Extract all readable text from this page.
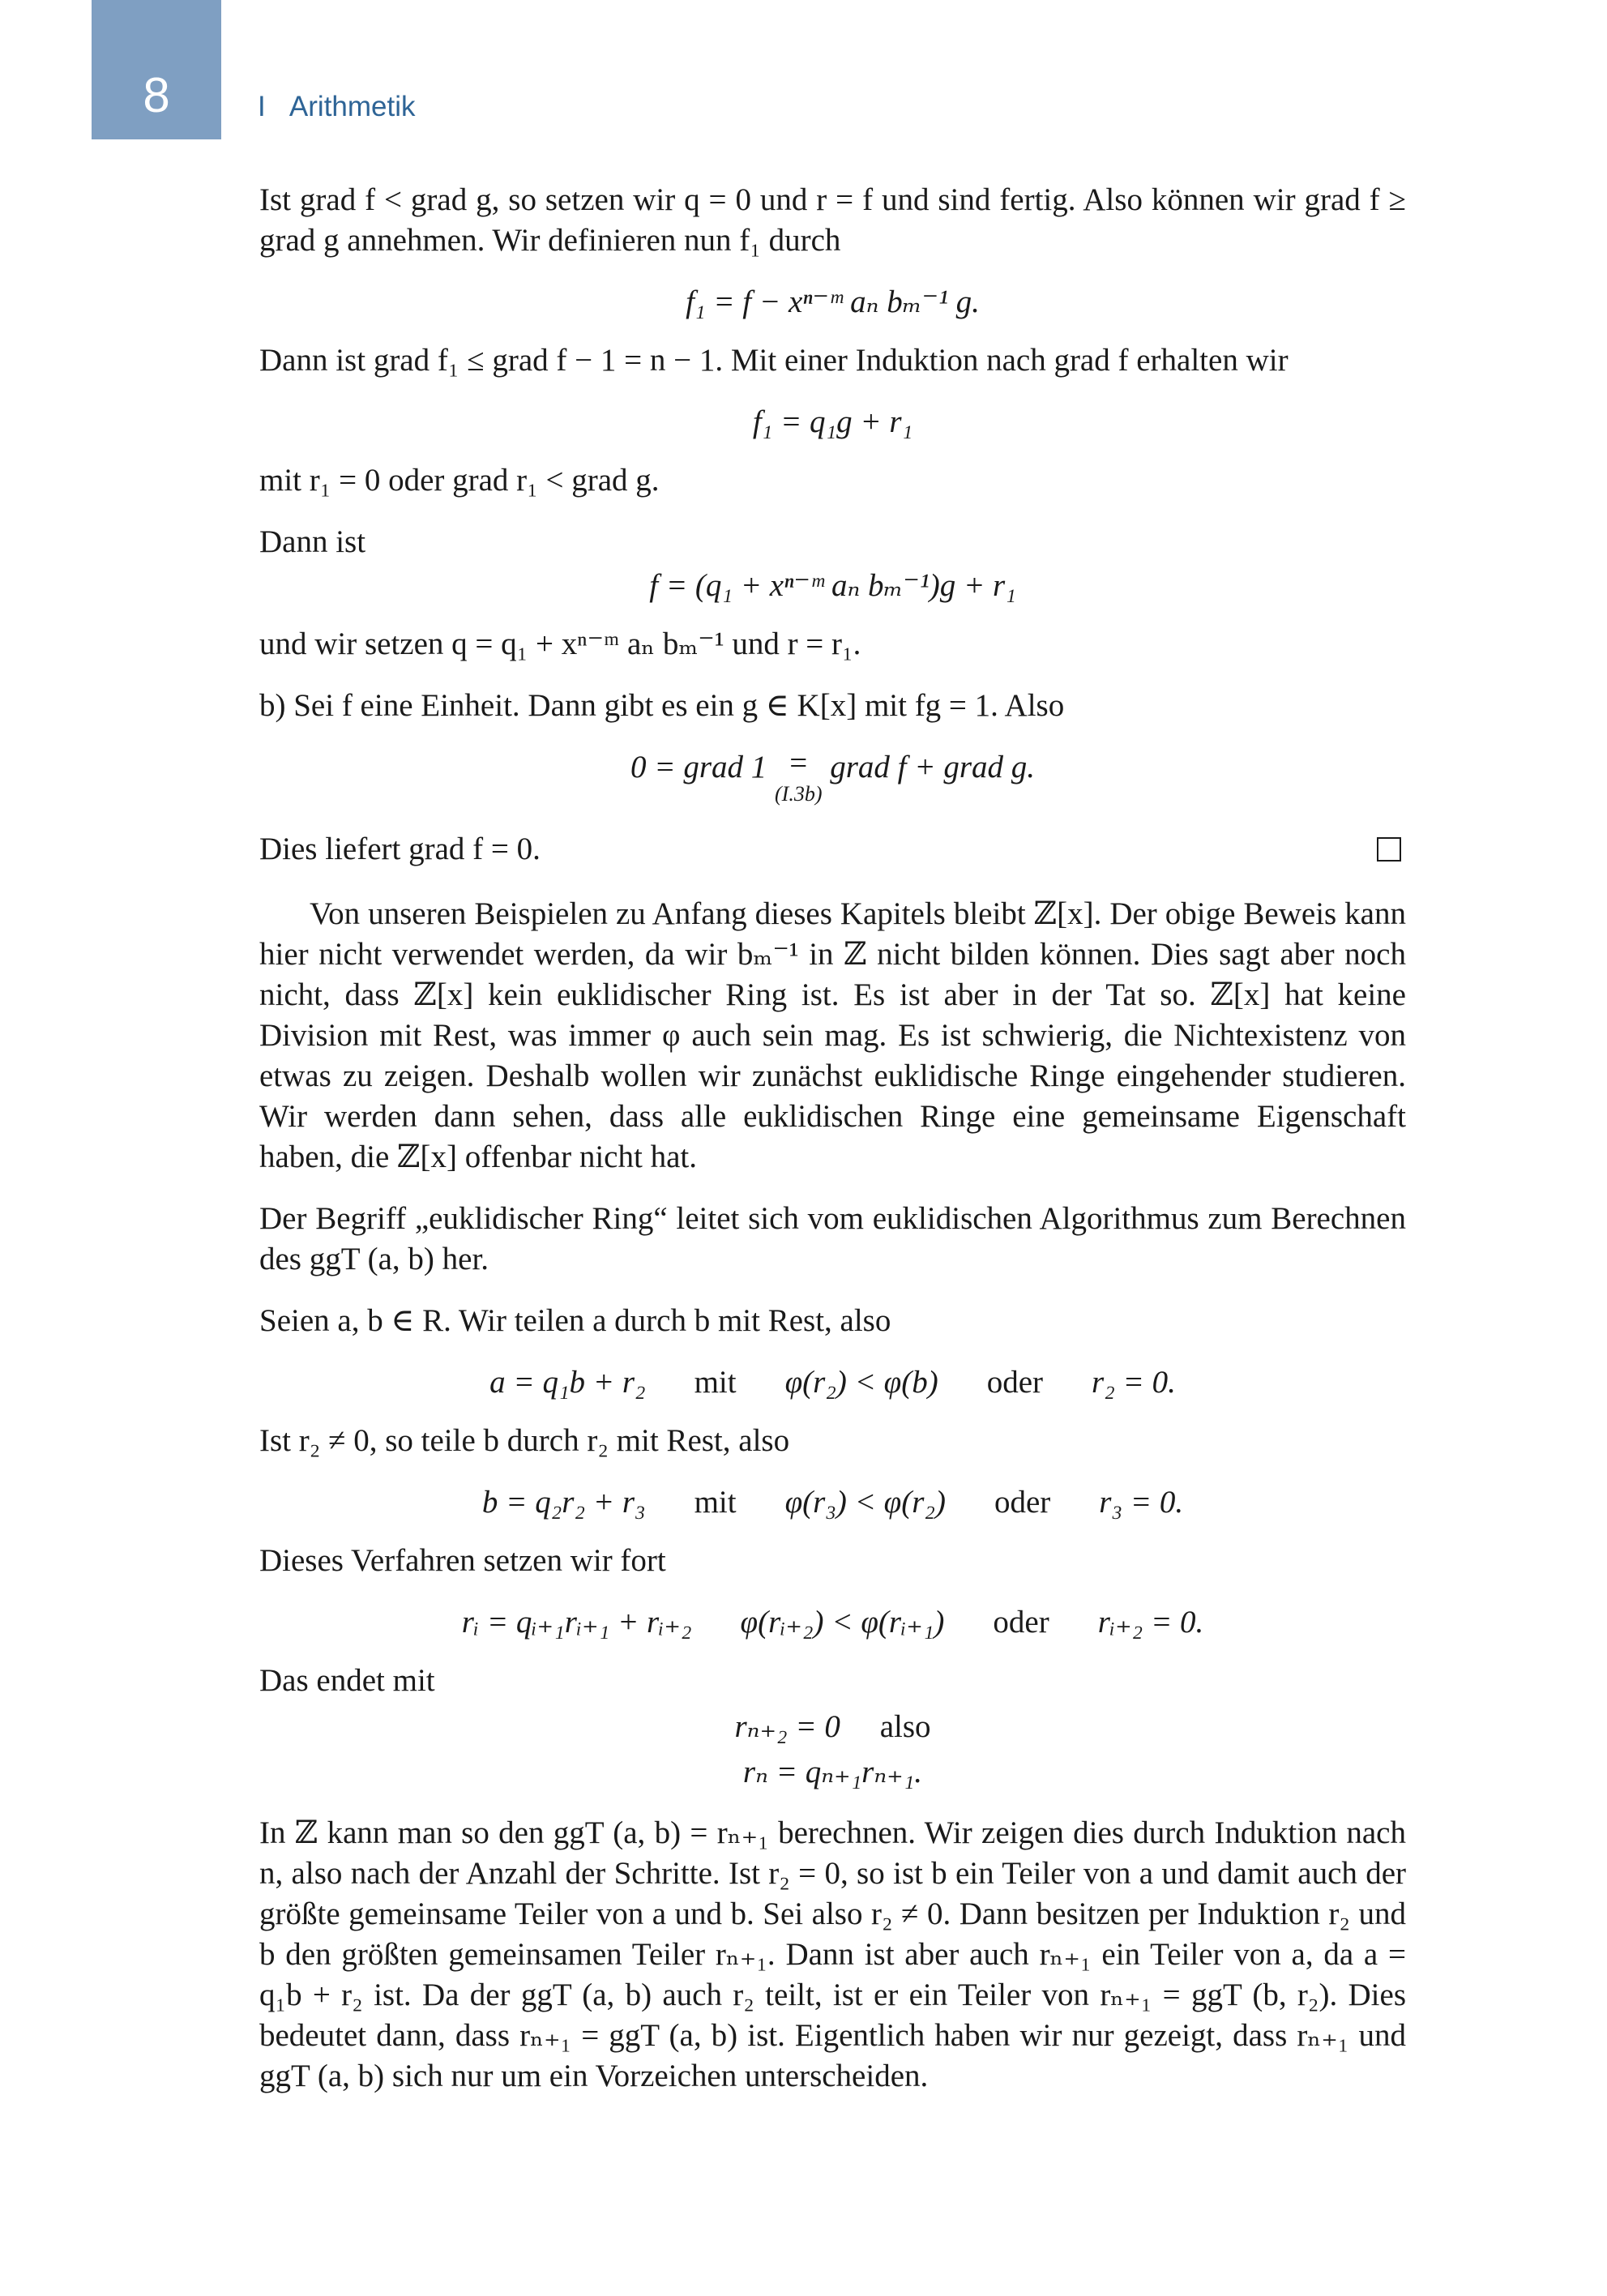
8	I Arithmetik

Ist grad f < grad g, so setzen wir q = 0 und r = f und sind fertig. Also können wir grad f ≥ grad g annehmen. Wir definieren nun f₁ durch

f₁ = f − xⁿ⁻ᵐ aₙ bₘ⁻¹ g.

Dann ist grad f₁ ≤ grad f − 1 = n − 1. Mit einer Induktion nach grad f erhalten wir

f₁ = q₁g + r₁

mit r₁ = 0 oder grad r₁ < grad g.

Dann ist

f = (q₁ + xⁿ⁻ᵐ aₙ bₘ⁻¹)g + r₁

und wir setzen q = q₁ + xⁿ⁻ᵐ aₙ bₘ⁻¹ und r = r₁.

b) Sei f eine Einheit. Dann gibt es ein g ∈ K[x] mit fg = 1. Also

0 = grad 1 =
(I.3b)
grad f + grad g.
Dies liefert grad f = 0.

Von unseren Beispielen zu Anfang dieses Kapitels bleibt ℤ[x]. Der obige Beweis kann hier nicht verwendet werden, da wir bₘ⁻¹ in ℤ nicht bilden können. Dies sagt aber noch nicht, dass ℤ[x] kein euklidischer Ring ist. Es ist aber in der Tat so. ℤ[x] hat keine Division mit Rest, was immer φ auch sein mag. Es ist schwierig, die Nichtexistenz von etwas zu zeigen. Deshalb wollen wir zunächst euklidische Ringe eingehender studieren. Wir werden dann sehen, dass alle euklidischen Ringe eine gemeinsame Eigenschaft haben, die ℤ[x] offenbar nicht hat.

Der Begriff „euklidischer Ring“ leitet sich vom euklidischen Algorithmus zum Berechnen des ggT (a, b) her.

Seien a, b ∈ R. Wir teilen a durch b mit Rest, also

a = q₁b + r₂ mit φ(r₂) < φ(b) oder r₂ = 0.

Ist r₂ ≠ 0, so teile b durch r₂ mit Rest, also

b = q₂r₂ + r₃ mit φ(r₃) < φ(r₂) oder r₃ = 0.

Dieses Verfahren setzen wir fort

rᵢ = qᵢ₊₁rᵢ₊₁ + rᵢ₊₂ φ(rᵢ₊₂) < φ(rᵢ₊₁) oder rᵢ₊₂ = 0.

Das endet mit

rₙ₊₂ = 0 also
rₙ = qₙ₊₁rₙ₊₁.

In ℤ kann man so den ggT (a, b) = rₙ₊₁ berechnen. Wir zeigen dies durch Induktion nach n, also nach der Anzahl der Schritte. Ist r₂ = 0, so ist b ein Teiler von a und damit auch der größte gemeinsame Teiler von a und b. Sei also r₂ ≠ 0. Dann besitzen per Induktion r₂ und b den größten gemeinsamen Teiler rₙ₊₁. Dann ist aber auch rₙ₊₁ ein Teiler von a, da a = q₁b + r₂ ist. Da der ggT (a, b) auch r₂ teilt, ist er ein Teiler von rₙ₊₁ = ggT (b, r₂). Dies bedeutet dann, dass rₙ₊₁ = ggT (a, b) ist. Eigentlich haben wir nur gezeigt, dass rₙ₊₁ und ggT (a, b) sich nur um ein Vorzeichen unterscheiden.
